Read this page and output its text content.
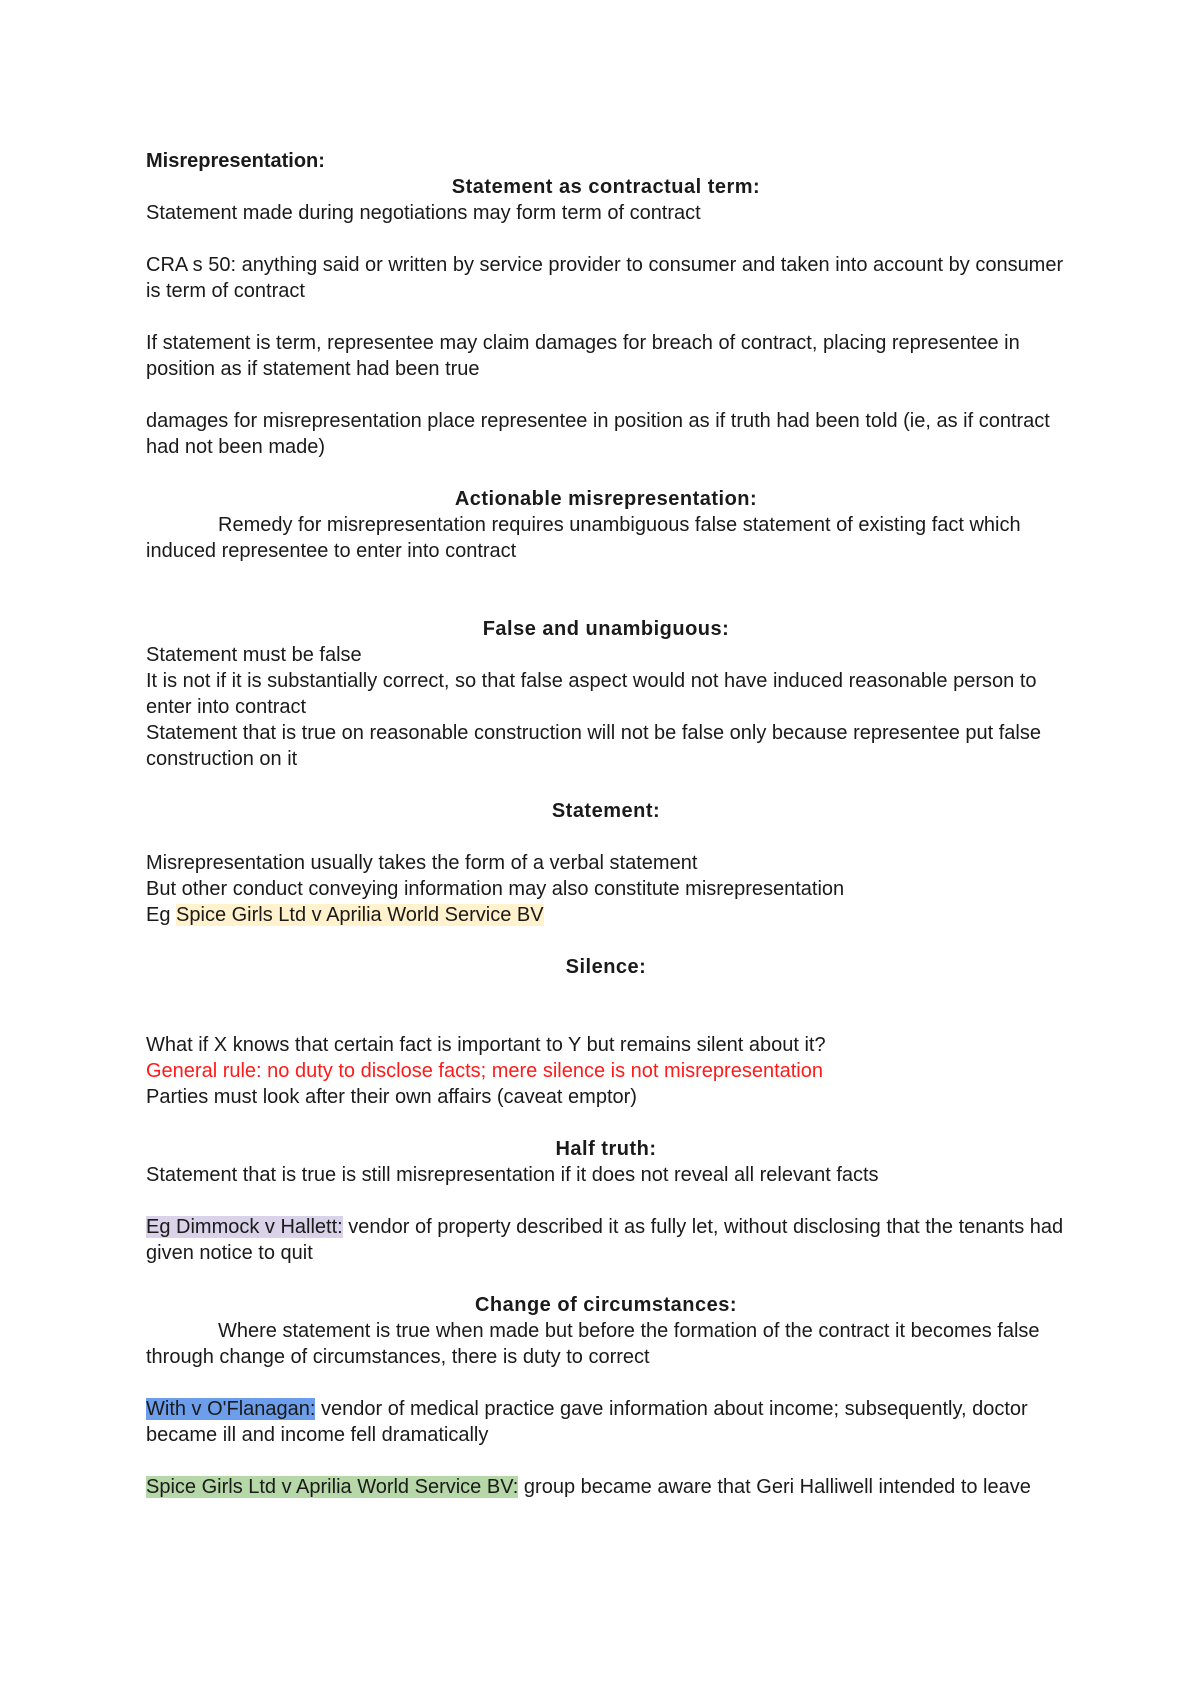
Misrepresentation:

Statement as contractual term:

Statement made during negotiations may form term of contract

CRA s 50: anything said or written by service provider to consumer and taken into account by consumer is term of contract

If statement is term, representee may claim damages for breach of contract, placing representee in position as if statement had been true

damages for misrepresentation place representee in position as if truth had been told (ie, as if contract had not been made)

Actionable misrepresentation:

Remedy for misrepresentation requires unambiguous false statement of existing fact which induced representee to enter into contract

False and unambiguous:

Statement must be false

It is not if it is substantially correct, so that false aspect would not have induced reasonable person to enter into contract

Statement that is true on reasonable construction will not be false only because representee put false construction on it

Statement:

Misrepresentation usually takes the form of a verbal statement

But other conduct conveying information may also constitute misrepresentation

Eg Spice Girls Ltd v Aprilia World Service BV

Silence:

What if X knows that certain fact is important to Y but remains silent about it?

General rule: no duty to disclose facts; mere silence is not misrepresentation

Parties must look after their own affairs (caveat emptor)

Half truth:

Statement that is true is still misrepresentation if it does not reveal all relevant facts

Eg Dimmock v Hallett: vendor of property described it as fully let, without disclosing that the tenants had given notice to quit

Change of circumstances:

Where statement is true when made but before the formation of the contract it becomes false through change of circumstances, there is duty to correct

With v O'Flanagan: vendor of medical practice gave information about income; subsequently, doctor became ill and income fell dramatically

Spice Girls Ltd v Aprilia World Service BV: group became aware that Geri Halliwell intended to leave
